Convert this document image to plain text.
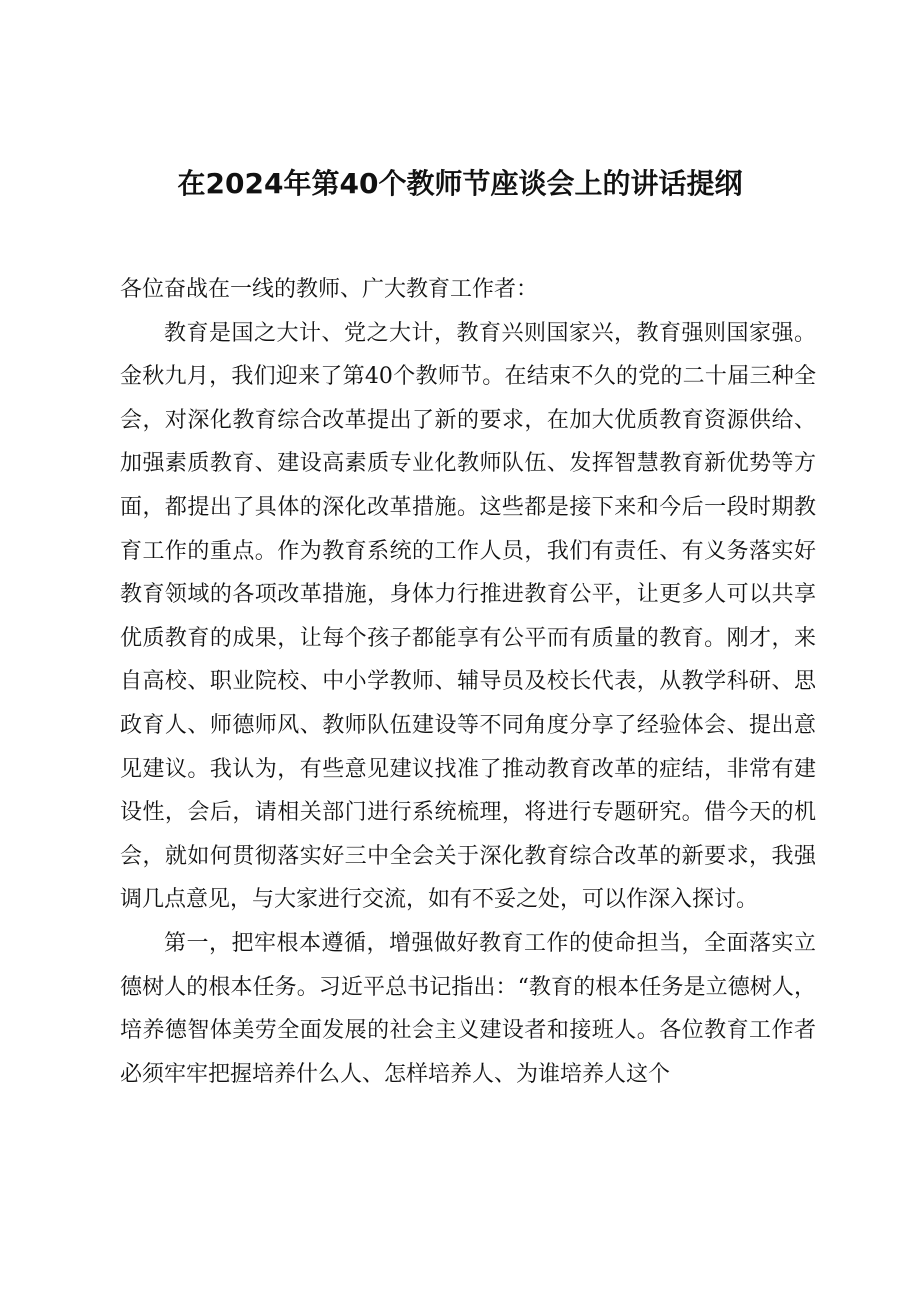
在2024年第40个教师节座谈会上的讲话提纲

各位奋战在一线的教师、广大教育工作者：

教育是国之大计、党之大计，教育兴则国家兴，教育强则国家强。金秋九月，我们迎来了第40个教师节。在结束不久的党的二十届三种全会，对深化教育综合改革提出了新的要求，在加大优质教育资源供给、加强素质教育、建设高素质专业化教师队伍、发挥智慧教育新优势等方面，都提出了具体的深化改革措施。这些都是接下来和今后一段时期教育工作的重点。作为教育系统的工作人员，我们有责任、有义务落实好教育领域的各项改革措施，身体力行推进教育公平，让更多人可以共享优质教育的成果，让每个孩子都能享有公平而有质量的教育。刚才，来自高校、职业院校、中小学教师、辅导员及校长代表，从教学科研、思政育人、师德师风、教师队伍建设等不同角度分享了经验体会、提出意见建议。我认为，有些意见建议找准了推动教育改革的症结，非常有建设性，会后，请相关部门进行系统梳理，将进行专题研究。借今天的机会，就如何贯彻落实好三中全会关于深化教育综合改革的新要求，我强调几点意见，与大家进行交流，如有不妥之处，可以作深入探讨。

第一，把牢根本遵循，增强做好教育工作的使命担当，全面落实立德树人的根本任务。习近平总书记指出：“教育的根本任务是立德树人，培养德智体美劳全面发展的社会主义建设者和接班人。各位教育工作者必须牢牢把握培养什么人、怎样培养人、为谁培养人这个
